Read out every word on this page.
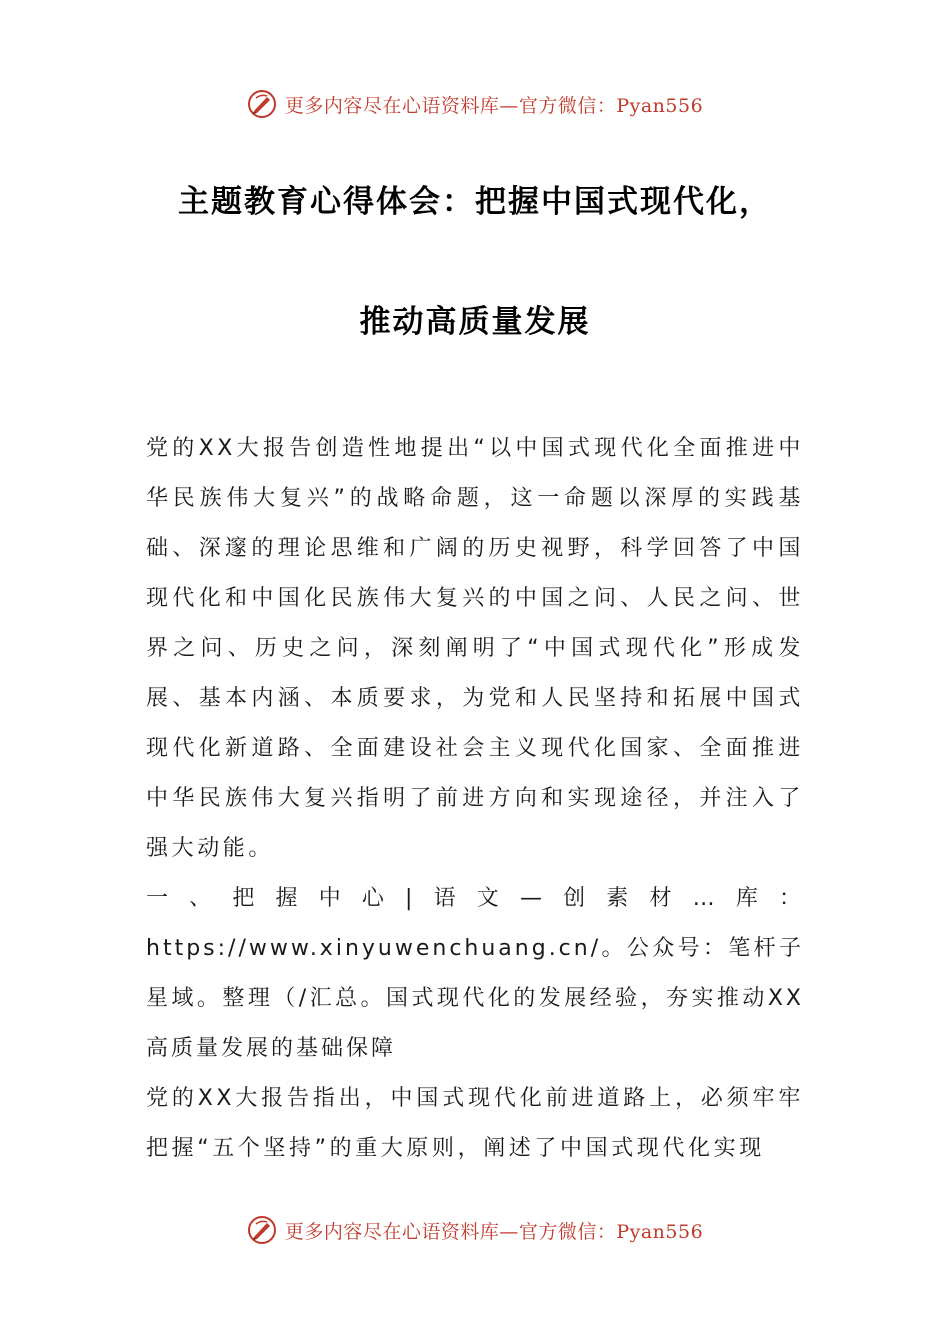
更多内容尽在心语资料库—官方微信：Pyan556
主题教育心得体会：把握中国式现代化，
推动高质量发展

党的XX大报告创造性地提出“以中国式现代化全面推进中华民族伟大复兴”的战略命题，这一命题以深厚的实践基础、深邃的理论思维和广阔的历史视野，科学回答了中国现代化和中国化民族伟大复兴的中国之问、人民之问、世界之问、历史之问，深刻阐明了“中国式现代化”形成发展、基本内涵、本质要求，为党和人民坚持和拓展中国式现代化新道路、全面建设社会主义现代化国家、全面推进中华民族伟大复兴指明了前进方向和实现途径，并注入了强大动能。

一、把握中心|语文—创素材…库：https://www.xinyuwenchuang.cn/。公众号：笔杆子星域。整理（/汇总。国式现代化的发展经验，夯实推动XX高质量发展的基础保障

党的XX大报告指出，中国式现代化前进道路上，必须牢牢把握“五个坚持”的重大原则，阐述了中国式现代化实现

更多内容尽在心语资料库—官方微信：Pyan556
